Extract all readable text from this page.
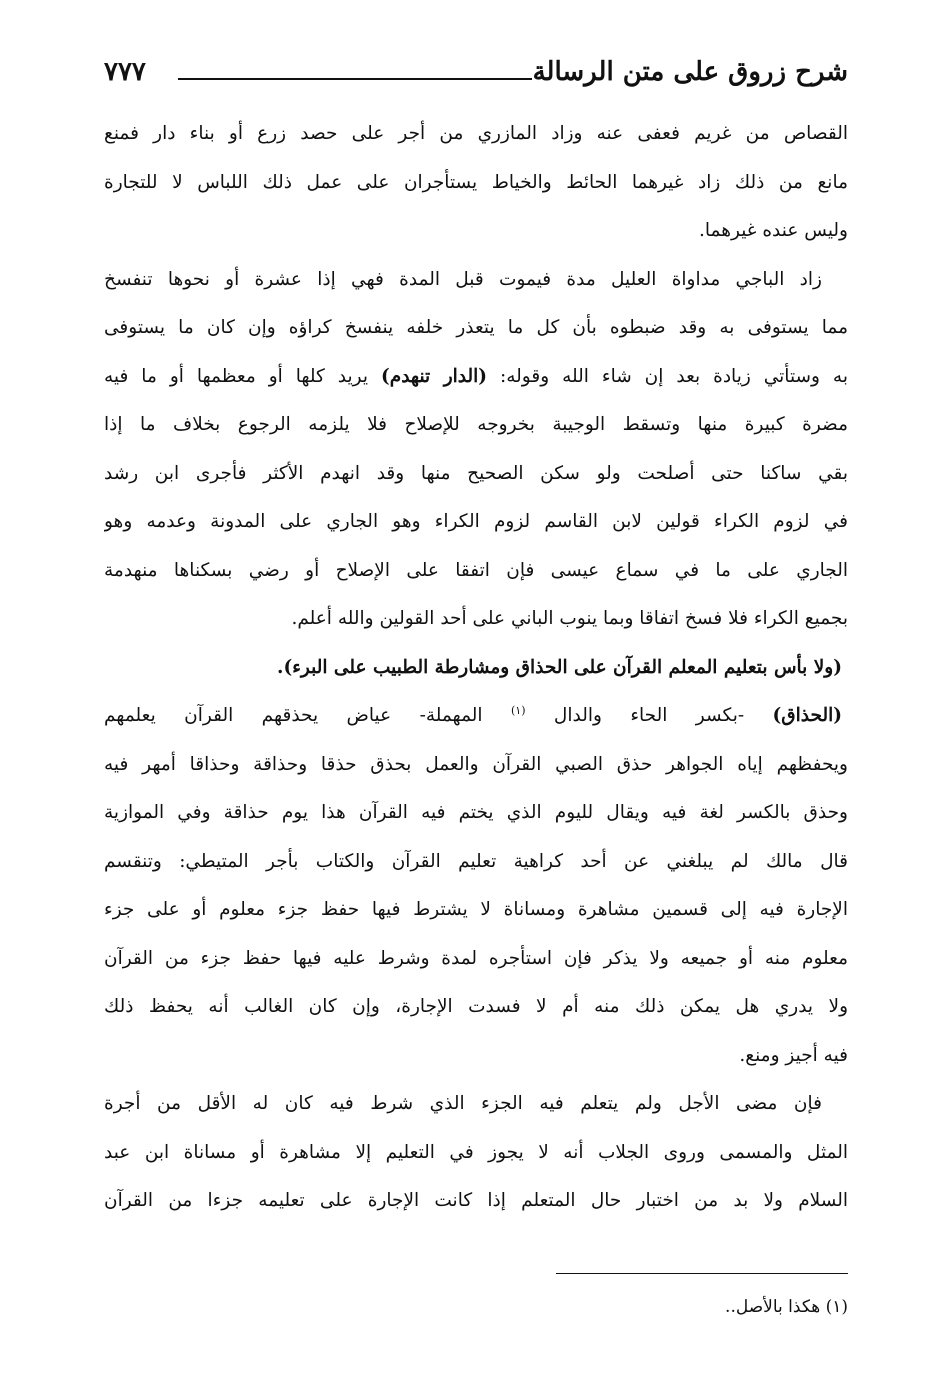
شرح زروق على متن الرسالة
٧٧٧
القصاص من غريم فعفى عنه وزاد المازري من أجر على حصد زرع أو بناء دار فمنع
مانع من ذلك زاد غيرهما الحائط والخياط يستأجران على عمل ذلك اللباس لا للتجارة
وليس عنده غيرهما.
زاد الباجي مداواة العليل مدة فيموت قبل المدة فهي إذا عشرة أو نحوها تنفسخ
مما يستوفى به وقد ضبطوه بأن كل ما يتعذر خلفه ينفسخ كراؤه وإن كان ما يستوفى
به وستأتي زيادة بعد إن شاء الله وقوله: (الدار تنهدم) يريد كلها أو معظمها أو ما فيه
مضرة كبيرة منها وتسقط الوجيبة بخروجه للإصلاح فلا يلزمه الرجوع بخلاف ما إذا
بقي ساكنا حتى أصلحت ولو سكن الصحيح منها وقد انهدم الأكثر فأجرى ابن رشد
في لزوم الكراء قولين لابن القاسم لزوم الكراء وهو الجاري على المدونة وعدمه وهو
الجاري على ما في سماع عيسى فإن اتفقا على الإصلاح أو رضي بسكناها منهدمة
بجميع الكراء فلا فسخ اتفاقا وبما ينوب الباني على أحد القولين والله أعلم.
(ولا بأس بتعليم المعلم القرآن على الحذاق ومشارطة الطبيب على البرء).
(الحذاق) -بكسر الحاء والدال $^{(١)}$ المهملة- عياض يحذقهم القرآن يعلمهم
ويحفظهم إياه الجواهر حذق الصبي القرآن والعمل بحذق حذقا وحذاقة وحذاقا أمهر فيه
وحذق بالكسر لغة فيه ويقال لليوم الذي يختم فيه القرآن هذا يوم حذاقة وفي الموازية
قال مالك لم يبلغني عن أحد كراهية تعليم القرآن والكتاب بأجر المتيطي: وتنقسم
الإجارة فيه إلى قسمين مشاهرة ومساناة لا يشترط فيها حفظ جزء معلوم أو على جزء
معلوم منه أو جميعه ولا يذكر فإن استأجره لمدة وشرط عليه فيها حفظ جزء من القرآن
ولا يدري هل يمكن ذلك منه أم لا فسدت الإجارة، وإن كان الغالب أنه يحفظ ذلك
فيه أجيز ومنع.
فإن مضى الأجل ولم يتعلم فيه الجزء الذي شرط فيه كان له الأقل من أجرة
المثل والمسمى وروى الجلاب أنه لا يجوز في التعليم إلا مشاهرة أو مساناة ابن عبد
السلام ولا بد من اختبار حال المتعلم إذا كانت الإجارة على تعليمه جزءا من القرآن
(١) هكذا بالأصل..
